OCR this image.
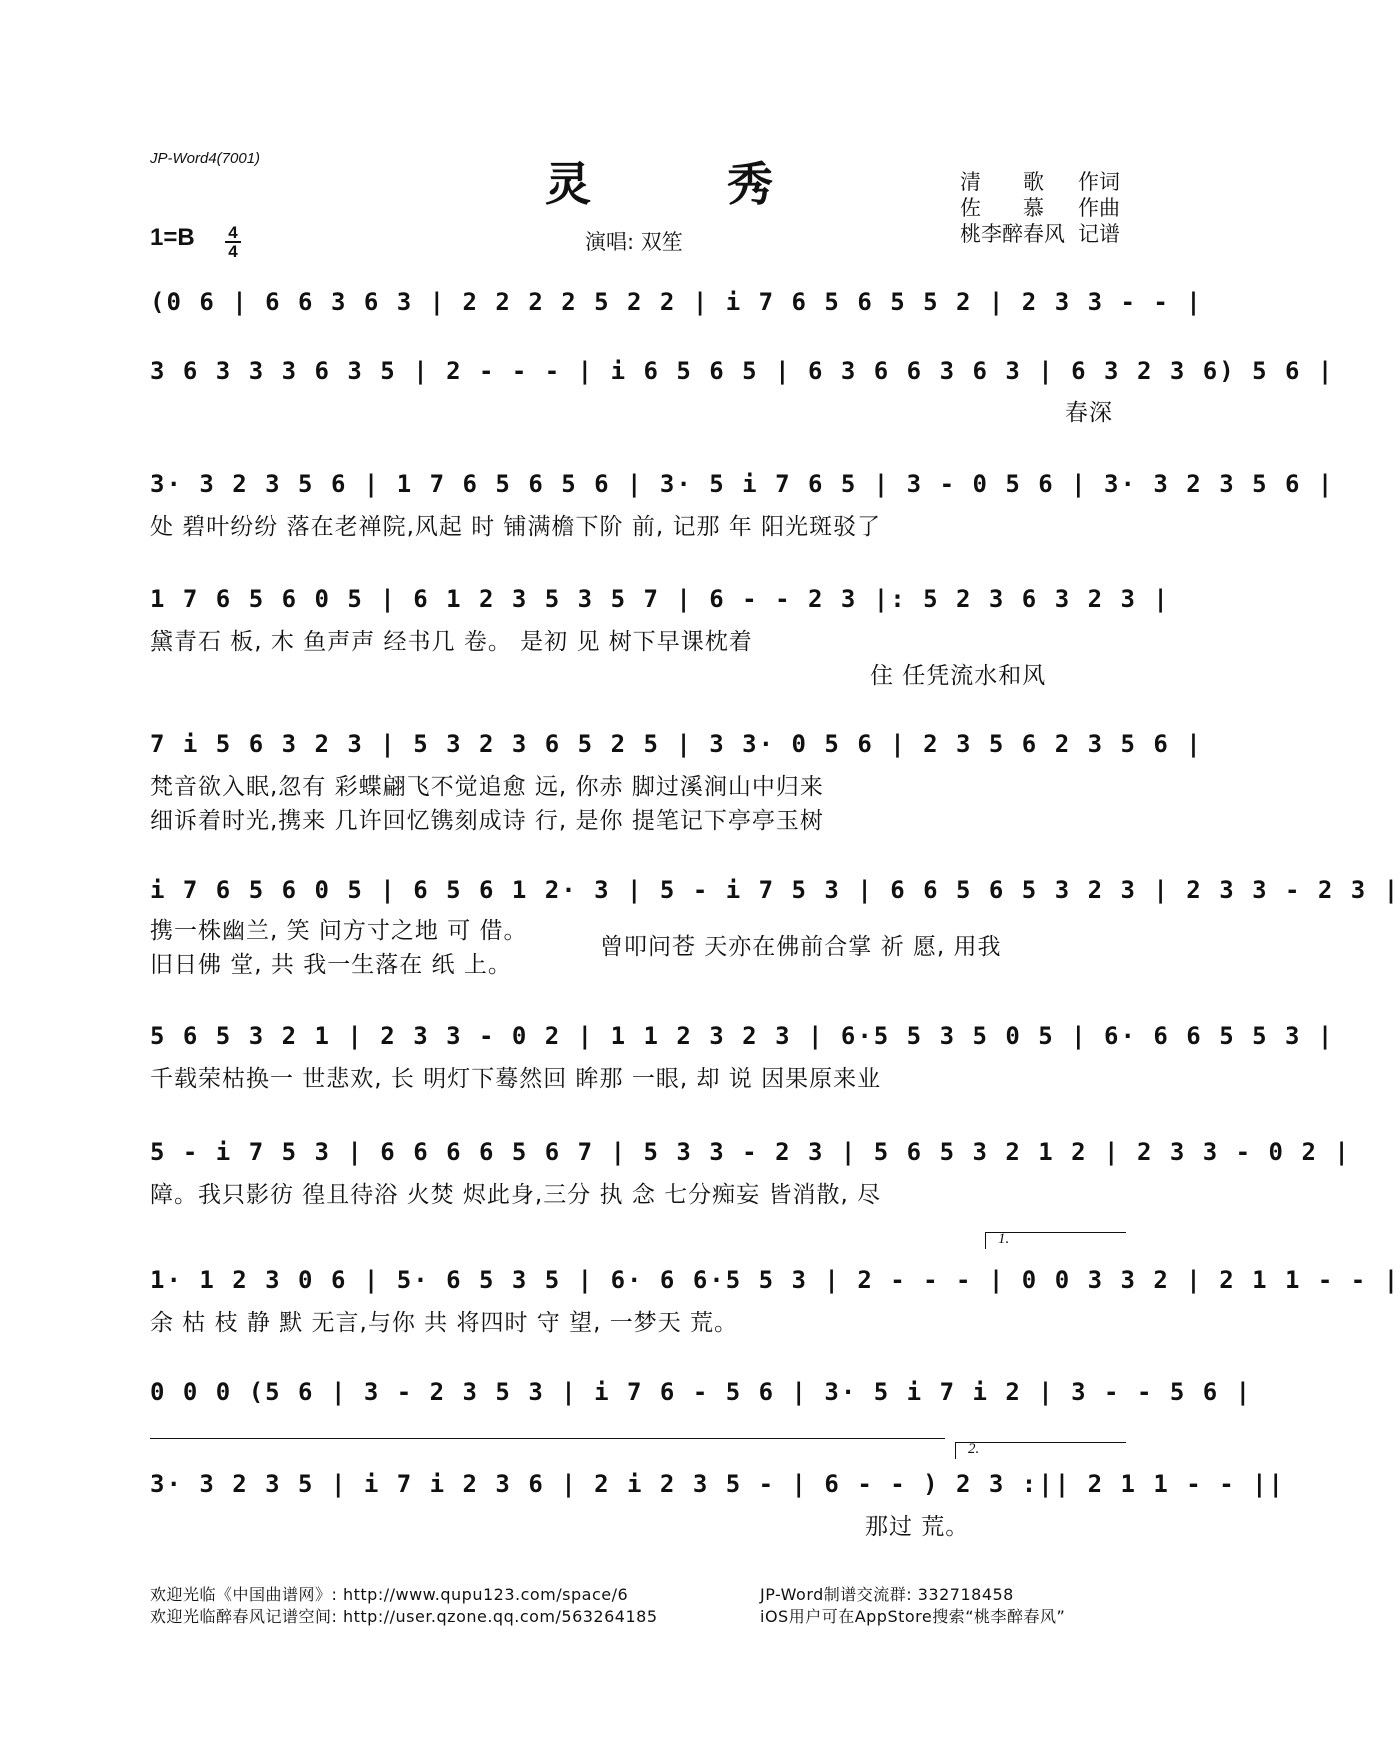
JP-Word4(7001)	灵 秀
1=B 4
4	演唱: 双笙
清　　歌 作词
佐　　慕 作曲
桃李醉春风 记谱
(0 6 | 6 6 3 6 3 | 2 2 2 2 5 2 2 | i 7 6 5 6 5 5 2 | 2 3 3 - - |
3 6 3 3 3 6 3 5 | 2 - - - | i 6 5 6 5 | 6 3 6 6 3 6 3 | 6 3 2 3 6) 5 6 |
春深
3· 3 2 3 5 6 | 1 7 6 5 6 5 6 | 3· 5 i 7 6 5 | 3 - 0 5 6 | 3· 3 2 3 5 6 |
处 碧叶纷纷 落在老禅院,风起 时 铺满檐下阶 前, 记那 年 阳光斑驳了
1 7 6 5 6 0 5 | 6 1 2 3 5 3 5 7 | 6 - - 2 3 |: 5 2 3 6 3 2 3 |
黛青石 板, 木 鱼声声 经书几 卷。 是初 见 树下早课枕着
住 任凭流水和风
7 i 5 6 3 2 3 | 5 3 2 3 6 5 2 5 | 3 3· 0 5 6 | 2 3 5 6 2 3 5 6 |
梵音欲入眠,忽有 彩蝶翩飞不觉追愈 远, 你赤 脚过溪涧山中归来
细诉着时光,携来 几许回忆镌刻成诗 行, 是你 提笔记下亭亭玉树
i 7 6 5 6 0 5 | 6 5 6 1 2· 3 | 5 - i 7 5 3 | 6 6 5 6 5 3 2 3 | 2 3 3 - 2 3 |
携一株幽兰, 笑 问方寸之地 可 借。
旧日佛 堂, 共 我一生落在 纸 上。
曾叩问苍 天亦在佛前合掌 祈 愿, 用我
5 6 5 3 2 1 | 2 3 3 - 0 2 | 1 1 2 3 2 3 | 6·5 5 3 5 0 5 | 6· 6 6 5 5 3 |
千载荣枯换一 世悲欢, 长 明灯下蓦然回 眸那 一眼, 却 说 因果原来业
5 - i 7 5 3 | 6 6 6 6 5 6 7 | 5 3 3 - 2 3 | 5 6 5 3 2 1 2 | 2 3 3 - 0 2 |
障。我只影彷 徨且待浴 火焚 烬此身,三分 执 念 七分痴妄 皆消散, 尽
1.
1· 1 2 3 0 6 | 5· 6 5 3 5 | 6· 6 6·5 5 3 | 2 - - - | 0 0 3 3 2 | 2 1 1 - - |
余 枯 枝 静 默 无言,与你 共 将四时 守 望, 一梦天 荒。
0 0 0 (5 6 | 3 - 2 3 5 3 | i 7 6 - 5 6 | 3· 5 i 7 i 2 | 3 - - 5 6 |
2.
3· 3 2 3 5 | i 7 i 2 3 6 | 2 i 2 3 5 - | 6 - - ) 2 3 :|| 2 1 1 - - ||
那过 荒。
欢迎光临《中国曲谱网》: http://www.qupu123.com/space/6	JP-Word制谱交流群: 332718458
欢迎光临醉春风记谱空间: http://user.qzone.qq.com/563264185	iOS用户可在AppStore搜索“桃李醉春风”
